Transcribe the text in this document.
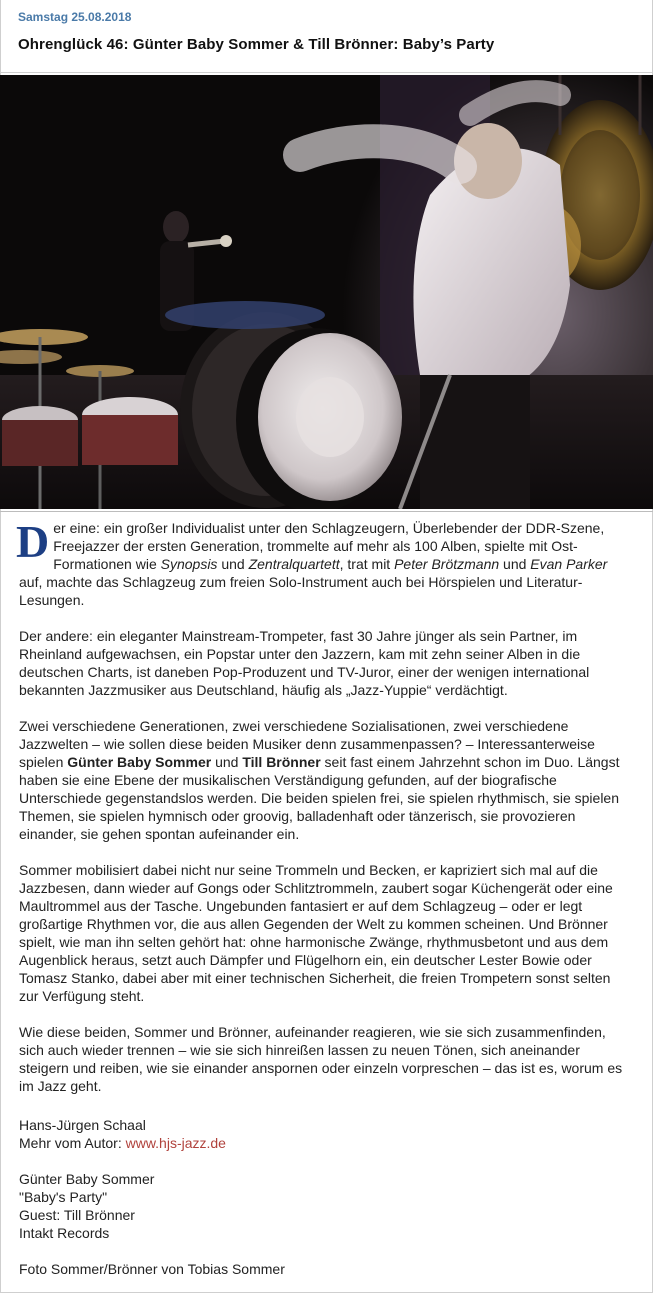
Samstag 25.08.2018
Ohrenglück 46: Günter Baby Sommer & Till Brönner: Baby’s Party

Der eine: ein großer Individualist unter den Schlagzeugern, Überlebender der DDR-Szene, Freejazzer der ersten Generation, trommelte auf mehr als 100 Alben, spielte mit Ost-Formationen wie Synopsis und Zentralquartett, trat mit Peter Brötzmann und Evan Parker auf, machte das Schlagzeug zum freien Solo-Instrument auch bei Hörspielen und Literatur-Lesungen.

Der andere: ein eleganter Mainstream-Trompeter, fast 30 Jahre jünger als sein Partner, im Rheinland aufgewachsen, ein Popstar unter den Jazzern, kam mit zehn seiner Alben in die deutschen Charts, ist daneben Pop-Produzent und TV-Juror, einer der wenigen international bekannten Jazzmusiker aus Deutschland, häufig als „Jazz-Yuppie“ verdächtigt.

Zwei verschiedene Generationen, zwei verschiedene Sozialisationen, zwei verschiedene Jazzwelten – wie sollen diese beiden Musiker denn zusammenpassen? – Interessanterweise spielen Günter Baby Sommer und Till Brönner seit fast einem Jahrzehnt schon im Duo. Längst haben sie eine Ebene der musikalischen Verständigung gefunden, auf der biografische Unterschiede gegenstandslos werden. Die beiden spielen frei, sie spielen rhythmisch, sie spielen Themen, sie spielen hymnisch oder groovig, balladenhaft oder tänzerisch, sie provozieren einander, sie gehen spontan aufeinander ein.

Sommer mobilisiert dabei nicht nur seine Trommeln und Becken, er kapriziert sich mal auf die Jazzbesen, dann wieder auf Gongs oder Schlitztrommeln, zaubert sogar Küchengerät oder eine Maultrommel aus der Tasche. Ungebunden fantasiert er auf dem Schlagzeug – oder er legt großartige Rhythmen vor, die aus allen Gegenden der Welt zu kommen scheinen. Und Brönner spielt, wie man ihn selten gehört hat: ohne harmonische Zwänge, rhythmusbetont und aus dem Augenblick heraus, setzt auch Dämpfer und Flügelhorn ein, ein deutscher Lester Bowie oder Tomasz Stanko, dabei aber mit einer technischen Sicherheit, die freien Trompetern sonst selten zur Verfügung steht.

Wie diese beiden, Sommer und Brönner, aufeinander reagieren, wie sie sich zusammenfinden, sich auch wieder trennen – wie sie sich hinreißen lassen zu neuen Tönen, sich aneinander steigern und reiben, wie sie einander anspornen oder einzeln vorpreschen – das ist es, worum es im Jazz geht.

Hans-Jürgen Schaal
Mehr vom Autor: www.hjs-jazz.de
Günter Baby Sommer
"Baby's Party"
Guest: Till Brönner
Intakt Records
Foto Sommer/Brönner von Tobias Sommer
